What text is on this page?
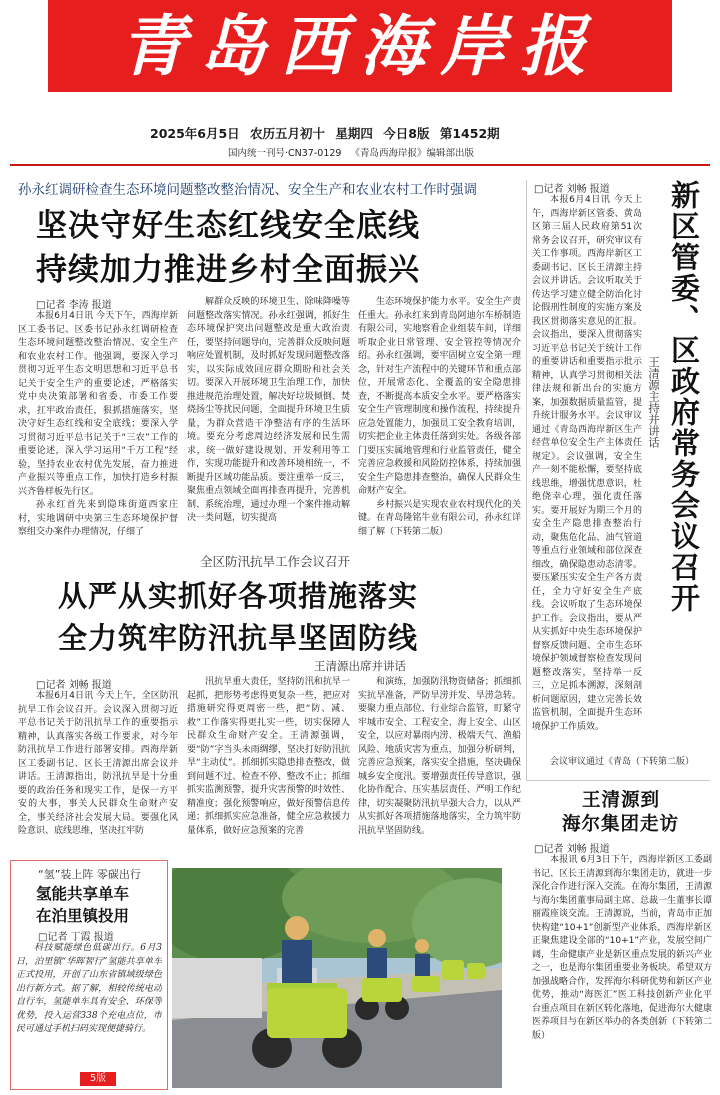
青岛西海岸报
2025年6月5日 农历五月初十 星期四 今日8版 第1452期
国内统一刊号·CN37-0129 《青岛西海岸报》编辑部出版
孙永红调研检查生态环境问题整改整治情况、安全生产和农业农村工作时强调
坚决守好生态红线安全底线
持续加力推进乡村全面振兴
□记者 李涛 报道

本报6月4日讯 今天下午，西海岸新区工委书记、区委书记孙永红调研检查生态环境问题整改整治情况、安全生产和农业农村工作。他强调，要深入学习贯彻习近平生态文明思想和习近平总书记关于安全生产的重要论述，严格落实党中央决策部署和省委、市委工作要求，扛牢政治责任，狠抓措施落实，坚决守好生态红线和安全底线；要深入学习贯彻习近平总书记关于“三农”工作的重要论述，深入学习运用“千万工程”经验，坚持农业农村优先发展，奋力推进产业振兴等重点工作，加快打造乡村振兴齐鲁样板先行区。

孙永红首先来到隐珠街道西家庄村，实地调研中央第三生态环境保护督察组交办案件办理情况，仔细了

解群众反映的环境卫生、除味降噪等问题整改落实情况。孙永红强调，抓好生态环境保护突出问题整改是重大政治责任，要坚持问题导向，完善群众反映问题响应处置机制，及时抓好发现问题整改落实，以实际成效回应群众期盼和社会关切。要深入开展环境卫生治理工作，加快推进规范治理处置，解决好垃圾倾倒、焚烧扬尘等扰民问题，全面提升环境卫生质量，为群众营造干净整洁有序的生活环境。要充分考虑周边经济发展和民生需求，统一做好建设规划、开发利用等工作，实现功能提升和改善环境相统一，不断提升区域功能品质。要注重举一反三，聚焦重点领域全面再排查再提升，完善机制、系统治理，通过办理一个案件推动解决一类问题，切实提高

生态环境保护能力水平。安全生产责任重大。孙永红来到青岛阿迪尔车桥制造有限公司，实地察看企业组装车间，详细听取企业日常管理、安全管控等情况介绍。孙永红强调，要牢固树立安全第一理念，针对生产流程中的关键环节和重点部位，开展常态化、全覆盖的安全隐患排查，不断提高本质安全水平。要严格落实安全生产管理制度和操作流程，持续提升应急处置能力，加强员工安全教育培训，切实把企业主体责任落到实处。各级各部门要压实属地管理和行业监管责任，健全完善应急救援和风险防控体系，持续加强安全生产隐患排查整治，确保人民群众生命财产安全。

乡村振兴是实现农业农村现代化的关键。在青岛隆铭牛业有限公司，孙永红详细了解（下转第二版）

全区防汛抗旱工作会议召开
从严从实抓好各项措施落实
全力筑牢防汛抗旱坚固防线
王清源出席并讲话
□记者 刘畅 报道

本报6月4日讯 今天上午，全区防汛抗旱工作会议召开。会议深入贯彻习近平总书记关于防汛抗旱工作的重要指示精神，认真落实各级工作要求，对今年防汛抗旱工作进行部署安排。西海岸新区工委副书记、区长王清源出席会议并讲话。王清源指出，防汛抗旱是十分重要的政治任务和现实工作，是保一方平安的大事，事关人民群众生命财产安全，事关经济社会发展大局。要强化风险意识、底线思维，坚决扛牢防

汛抗旱重大责任，坚持防汛和抗旱一起抓，把形势考虑得更复杂一些，把应对措施研究得更周密一些，把“防、减、救”工作落实得更扎实一些，切实保障人民群众生命财产安全。王清源强调，要“防”字当头未雨绸缪，坚决打好防汛抗旱“主动仗”。抓细抓实隐患排查整改，做到问题不过、检查不停、整改不止；抓细抓实监测预警，提升灾害预警的时效性、精准度；强化预警响应，做好预警信息传递；抓细抓实应急准备，健全应急救援力量体系，做好应急预案的完善

和演练，加强防汛物资储备；抓细抓实抗旱准备，严防旱涝并发、旱涝急转。要聚力重点部位、行业综合监管，盯紧守牢城市安全、工程安全、海上安全、山区安全，以应对暴雨内涝、极端天气、渔船风险、地质灾害为重点，加强分析研判，完善应急预案，落实安全措施，坚决确保城乡安全度汛。要增强责任传导意识，强化协作配合、压实基层责任、严明工作纪律，切实凝聚防汛抗旱强大合力，以从严从实抓好各项措施落地落实，全力筑牢防汛抗旱坚固防线。

新区管委、区政府常务会议召开
王清源主持并讲话
□记者 刘畅 报道

本报6月4日讯 今天上午，西海岸新区管委、黄岛区第三届人民政府第51次常务会议召开，研究审议有关工作事项。西海岸新区工委副书记、区长王清源主持会议并讲话。会议听取关于传达学习建立健全防治化讨论假刑性制度的实施方案及我区贯彻落实意见的汇报。会议指出，要深入贯彻落实习近平总书记关于统计工作的重要讲话和重要指示批示精神，认真学习贯彻相关法律法规和新出台的实施方案，加强数据质量监管，提升统计服务水平。会议审议通过《青岛西海岸新区生产经营单位安全生产主体责任规定》。会议强调，安全生产一刻不能松懈，要坚持底线思维，增强忧患意识，杜绝侥幸心理，强化责任落实。要开展好为期三个月的安全生产隐患排查整治行动，聚焦危化品、油气管道等重点行业领域和部位深查细改，确保隐患动态清零。要压紧压实安全生产各方责任，全力守好安全生产底线。会议听取了生态环境保护工作。会议指出，要从严从实抓好中央生态环境保护督察反馈问题、全市生态环境保护领域督察检查发现问题整改落实，坚持举一反三，立足抓本溯源，深刻剖析问题原因，建立完善长效监管机制，全面提升生态环境保护工作质效。

会议审议通过《青岛（下转第二版）

王清源到
海尔集团走访
□记者 刘畅 报道

本报讯 6月3日下午，西海岸新区工委副书记、区长王清源到海尔集团走访，就进一步深化合作进行深入交流。在海尔集团，王清源与海尔集团董事局副主席、总裁一生董事长谭丽霞座谈交流。王清源说，当前，青岛市正加快构建“10+1”创新型产业体系，西海岸新区正聚焦建设全部的“10+1”产业，发展空间广阔，生命健康产业是新区重点发展的新兴产业之一，也是海尔集团重要业务板块。希望双方加强战略合作，发挥海尔科研优势和新区产业优势，推动“海医汇”医工科技创新产业化平台重点项目在新区转化落地，促进海尔大健康医养项目与在新区举办的各类创新（下转第二版）

“氢”装上阵 零碳出行
氢能共享单车
在泊里镇投用
□记者 丁霞 报道

科技赋能绿色低碳出行。6月3日，泊里镇“华晖智行”氢能共享单车正式投用，开创了山东省镇域级绿色出行新方式。据了解，相较传统电动自行车，氢能单车具有安全、环保等优势，投入运营338个充电点位，市民可通过手机扫码实现便捷骑行。

5版
